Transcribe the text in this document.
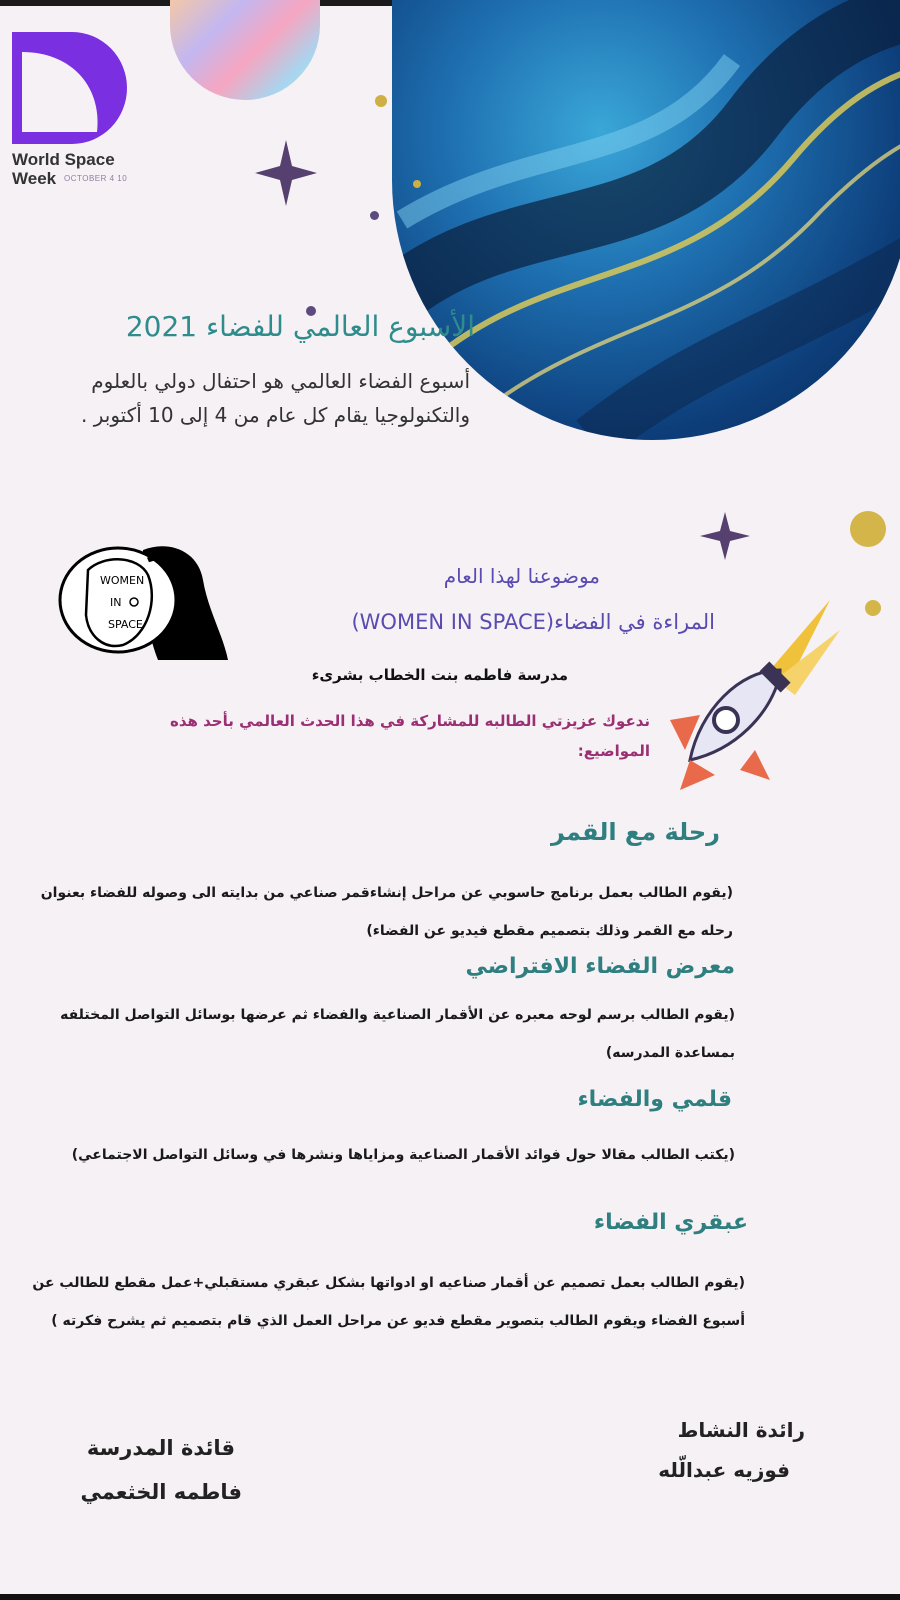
World Space
Week OCTOBER 4 10
الأسبوع العالمي للفضاء 2021
أسبوع الفضاء العالمي هو احتفال دولي بالعلوم والتكنولوجيا يقام كل عام من 4 إلى 10 أكتوبر .
WOMEN
IN
SPACE
موضوعنا لهذا العام
المراءة في الفضاء(WOMEN IN SPACE)
مدرسة فاطمه بنت الخطاب بشرىء
ندعوك عزيزتي الطالبه للمشاركة في هذا الحدث العالمي بأحد هذه المواضيع:
رحلة مع القمر
(يقوم الطالب بعمل برنامج حاسوبي عن مراحل إنشاءقمر صناعي من بدايته الى وصوله للفضاء بعنوان رحله مع القمر وذلك بتصميم مقطع فيديو عن الفضاء)
معرض الفضاء الافتراضي
(يقوم الطالب برسم لوحه معبره عن الأقمار الصناعية والفضاء ثم عرضها بوسائل التواصل المختلفه بمساعدة المدرسه)
قلمي والفضاء
(يكتب الطالب مقالا حول فوائد الأقمار الصناعية ومزاياها ونشرها في وسائل التواصل الاجتماعي)
عبقري الفضاء
(يقوم الطالب بعمل تصميم عن أقمار صناعيه او ادواتها بشكل عبقري مستقبلي+عمل مقطع للطالب عن أسبوع الفضاء ويقوم الطالب بتصوير مقطع فديو عن مراحل العمل الذي قام بتصميم ثم يشرح فكرته )
رائدة النشاط
فوزيه عبدالّله
قائدة المدرسة
فاطمه الخثعمي
